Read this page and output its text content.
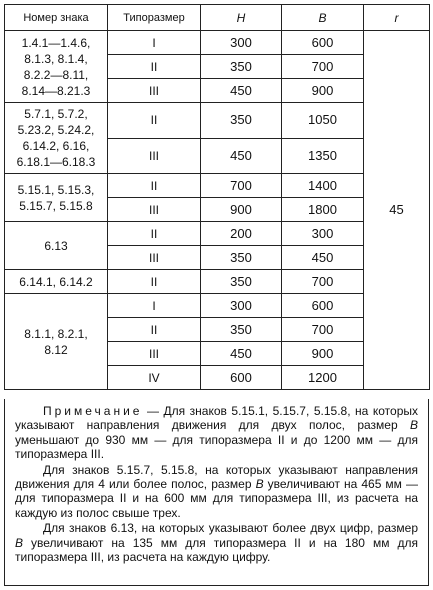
Номер знака	Типоразмер	H	B	r

1.4.1—1.4.6,
8.1.3, 8.1.4,
8.2.2—8.11,
8.14—8.21.3	I	300	600	45
	II	350	700	
	III	450	900	

5.7.1, 5.7.2,
5.23.2, 5.24.2,
6.14.2, 6.16,
6.18.1—6.18.3	II	350	1050	
	III	450	1350	

5.15.1, 5.15.3,
5.15.7, 5.15.8	II	700	1400	
	III	900	1800	

6.13	II	200	300	
	III	350	450	

6.14.1, 6.14.2	II	350	700	

8.1.1, 8.2.1,
8.12	I	300	600	
	II	350	700	
	III	450	900	
	IV	600	1200	

Примечание — Для знаков 5.15.1, 5.15.7, 5.15.8, на которых указывают направления движения для двух полос, размер B уменьшают до 930 мм — для типоразмера II и до 1200 мм — для типоразмера III.

Для знаков 5.15.7, 5.15.8, на которых указывают направления движения для 4 или более полос, размер B увеличивают на 465 мм — для типоразмера II и на 600 мм для типоразмера III, из расчета на каждую из полос свыше трех.

Для знаков 6.13, на которых указывают более двух цифр, размер B увеличивают на 135 мм для типоразмера II и на 180 мм для типоразмера III, из расчета на каждую цифру.
